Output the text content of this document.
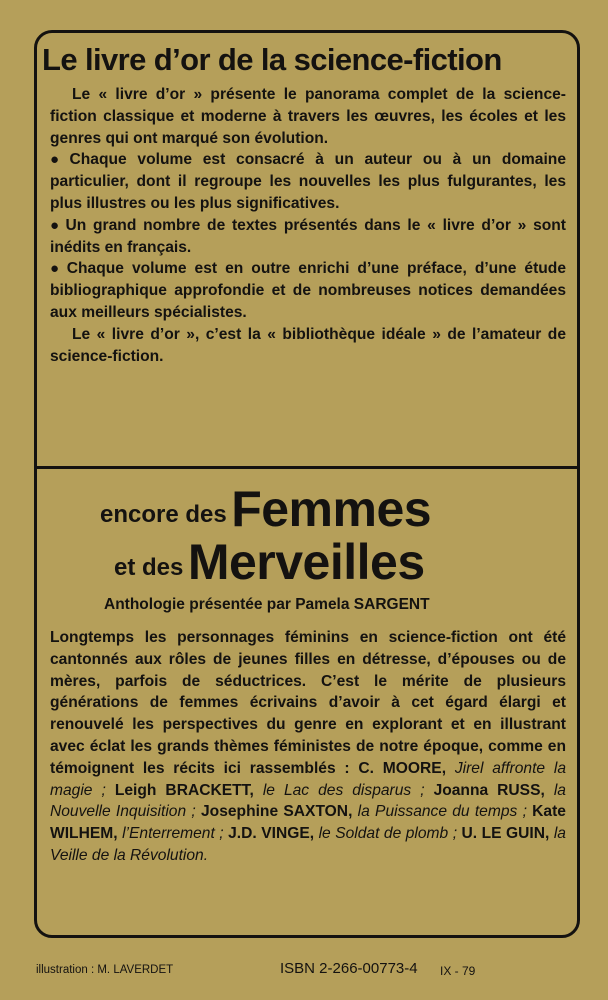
Le livre d’or de la science-fiction

Le « livre d’or » présente le panorama complet de la science-fiction classique et moderne à travers les œuvres, les écoles et les genres qui ont marqué son évolution.

● Chaque volume est consacré à un auteur ou à un domaine particulier, dont il regroupe les nouvelles les plus fulgurantes, les plus illustres ou les plus significatives.

● Un grand nombre de textes présentés dans le « livre d’or » sont inédits en français.

● Chaque volume est en outre enrichi d’une préface, d’une étude bibliographique approfondie et de nombreuses notices demandées aux meilleurs spécialistes.

Le « livre d’or », c’est la « bibliothèque idéale » de l’amateur de science-fiction.

encore des Femmes
et des Merveilles
Anthologie présentée par Pamela SARGENT

Longtemps les personnages féminins en science-fiction ont été cantonnés aux rôles de jeunes filles en détresse, d’épouses ou de mères, parfois de séductrices. C’est le mérite de plusieurs générations de femmes écrivains d’avoir à cet égard élargi et renouvelé les perspectives du genre en explorant et en illustrant avec éclat les grands thèmes féministes de notre époque, comme en témoignent les récits ici rassemblés : C. MOORE, Jirel affronte la magie ; Leigh BRACKETT, le Lac des disparus ; Joanna RUSS, la Nouvelle Inquisition ; Josephine SAXTON, la Puissance du temps ; Kate WILHEM, l’Enterrement ; J.D. VINGE, le Soldat de plomb ; U. LE GUIN, la Veille de la Révolution.

illustration : M. LAVERDET	ISBN 2-266-00773-4 IX - 79
